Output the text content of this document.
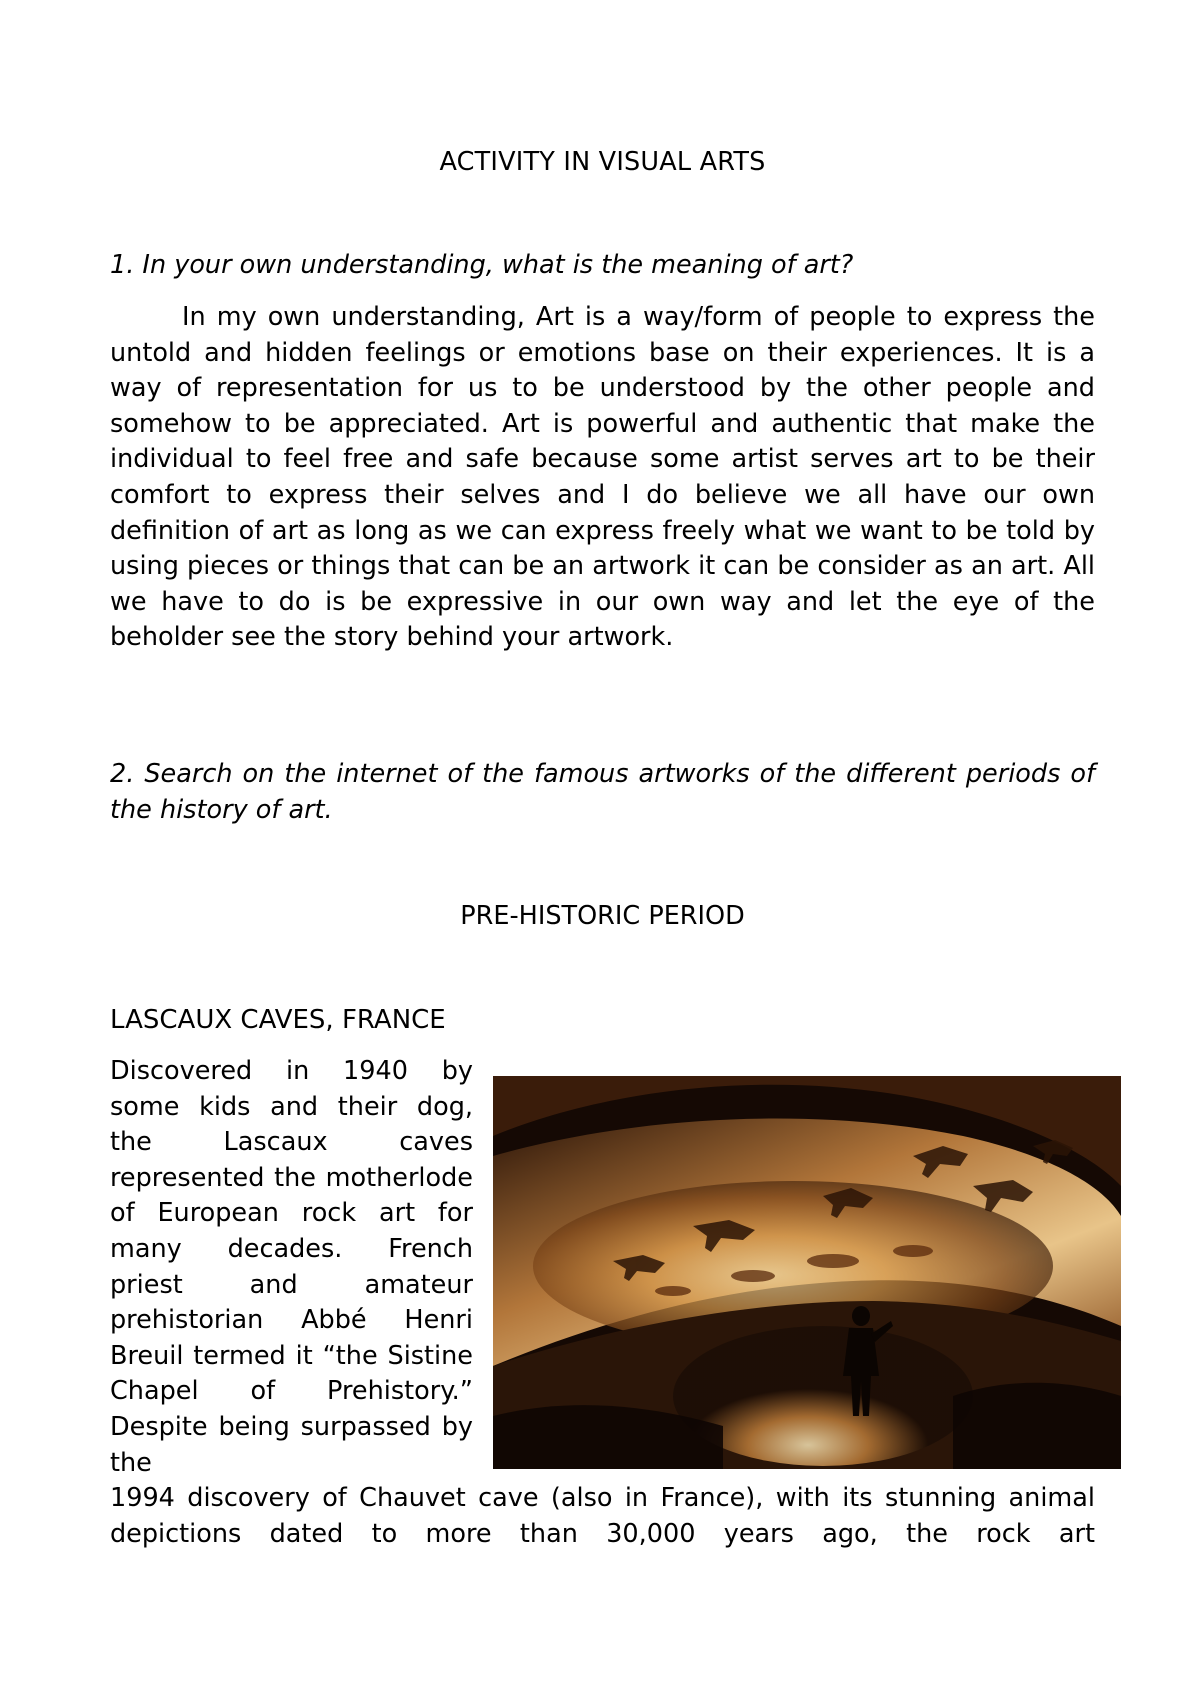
ACTIVITY IN VISUAL ARTS

1. In your own understanding, what is the meaning of art?

In my own understanding, Art is a way/form of people to express the untold and hidden feelings or emotions base on their experiences. It is a way of representation for us to be understood by the other people and somehow to be appreciated. Art is powerful and authentic that make the individual to feel free and safe because some artist serves art to be their comfort to express their selves and I do believe we all have our own definition of art as long as we can express freely what we want to be told by using pieces or things that can be an artwork it can be consider as an art. All we have to do is be expressive in our own way and let the eye of the beholder see the story behind your artwork.

2. Search on the internet of the famous artworks of the different periods of the history of art.

PRE-HISTORIC PERIOD
LASCAUX CAVES, FRANCE

Discovered in 1940 by some kids and their dog, the Lascaux caves represented the motherlode of European rock art for many decades. French priest and amateur prehistorian Abbé Henri Breuil termed it “the Sistine Chapel of Prehistory.” Despite being surpassed by the

1994 discovery of Chauvet cave (also in France), with its stunning animal depictions dated to more than 30,000 years ago, the rock art
